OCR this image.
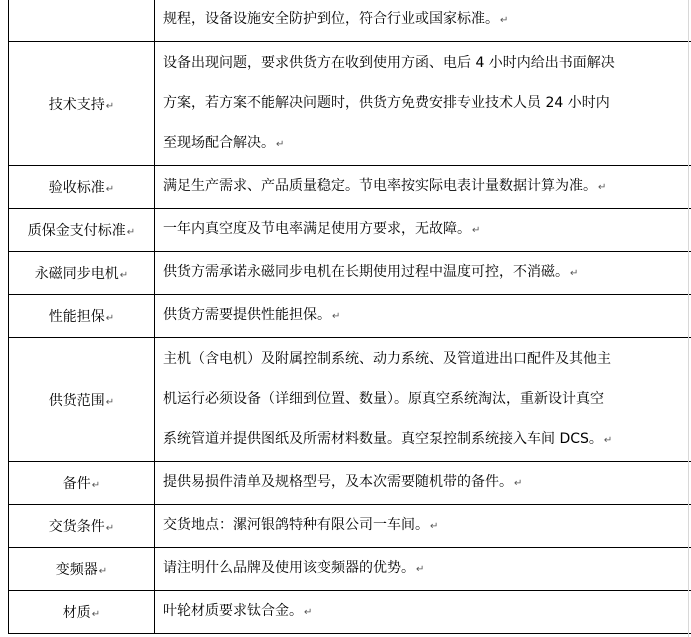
	规程，设备设施安全防护到位，符合行业或国家标准。↵

技术支持↵	设备出现问题，要求供货方在收到使用方函、电后 4 小时内给出书面解决
方案，若方案不能解决问题时，供货方免费安排专业技术人员 24 小时内
至现场配合解决。↵

验收标准↵	满足生产需求、产品质量稳定。节电率按实际电表计量数据计算为准。↵

质保金支付标准↵	一年内真空度及节电率满足使用方要求，无故障。↵

永磁同步电机↵	供货方需承诺永磁同步电机在长期使用过程中温度可控，不消磁。↵

性能担保↵	供货方需要提供性能担保。↵

供货范围↵	主机（含电机）及附属控制系统、动力系统、及管道进出口配件及其他主
机运行必须设备（详细到位置、数量）。原真空系统淘汰，重新设计真空
系统管道并提供图纸及所需材料数量。真空泵控制系统接入车间 DCS。↵

备件↵	提供易损件清单及规格型号，及本次需要随机带的备件。↵

交货条件↵	交货地点：漯河银鸽特种有限公司一车间。↵

变频器↵	请注明什么品牌及使用该变频器的优势。↵

材质↵	叶轮材质要求钛合金。↵
